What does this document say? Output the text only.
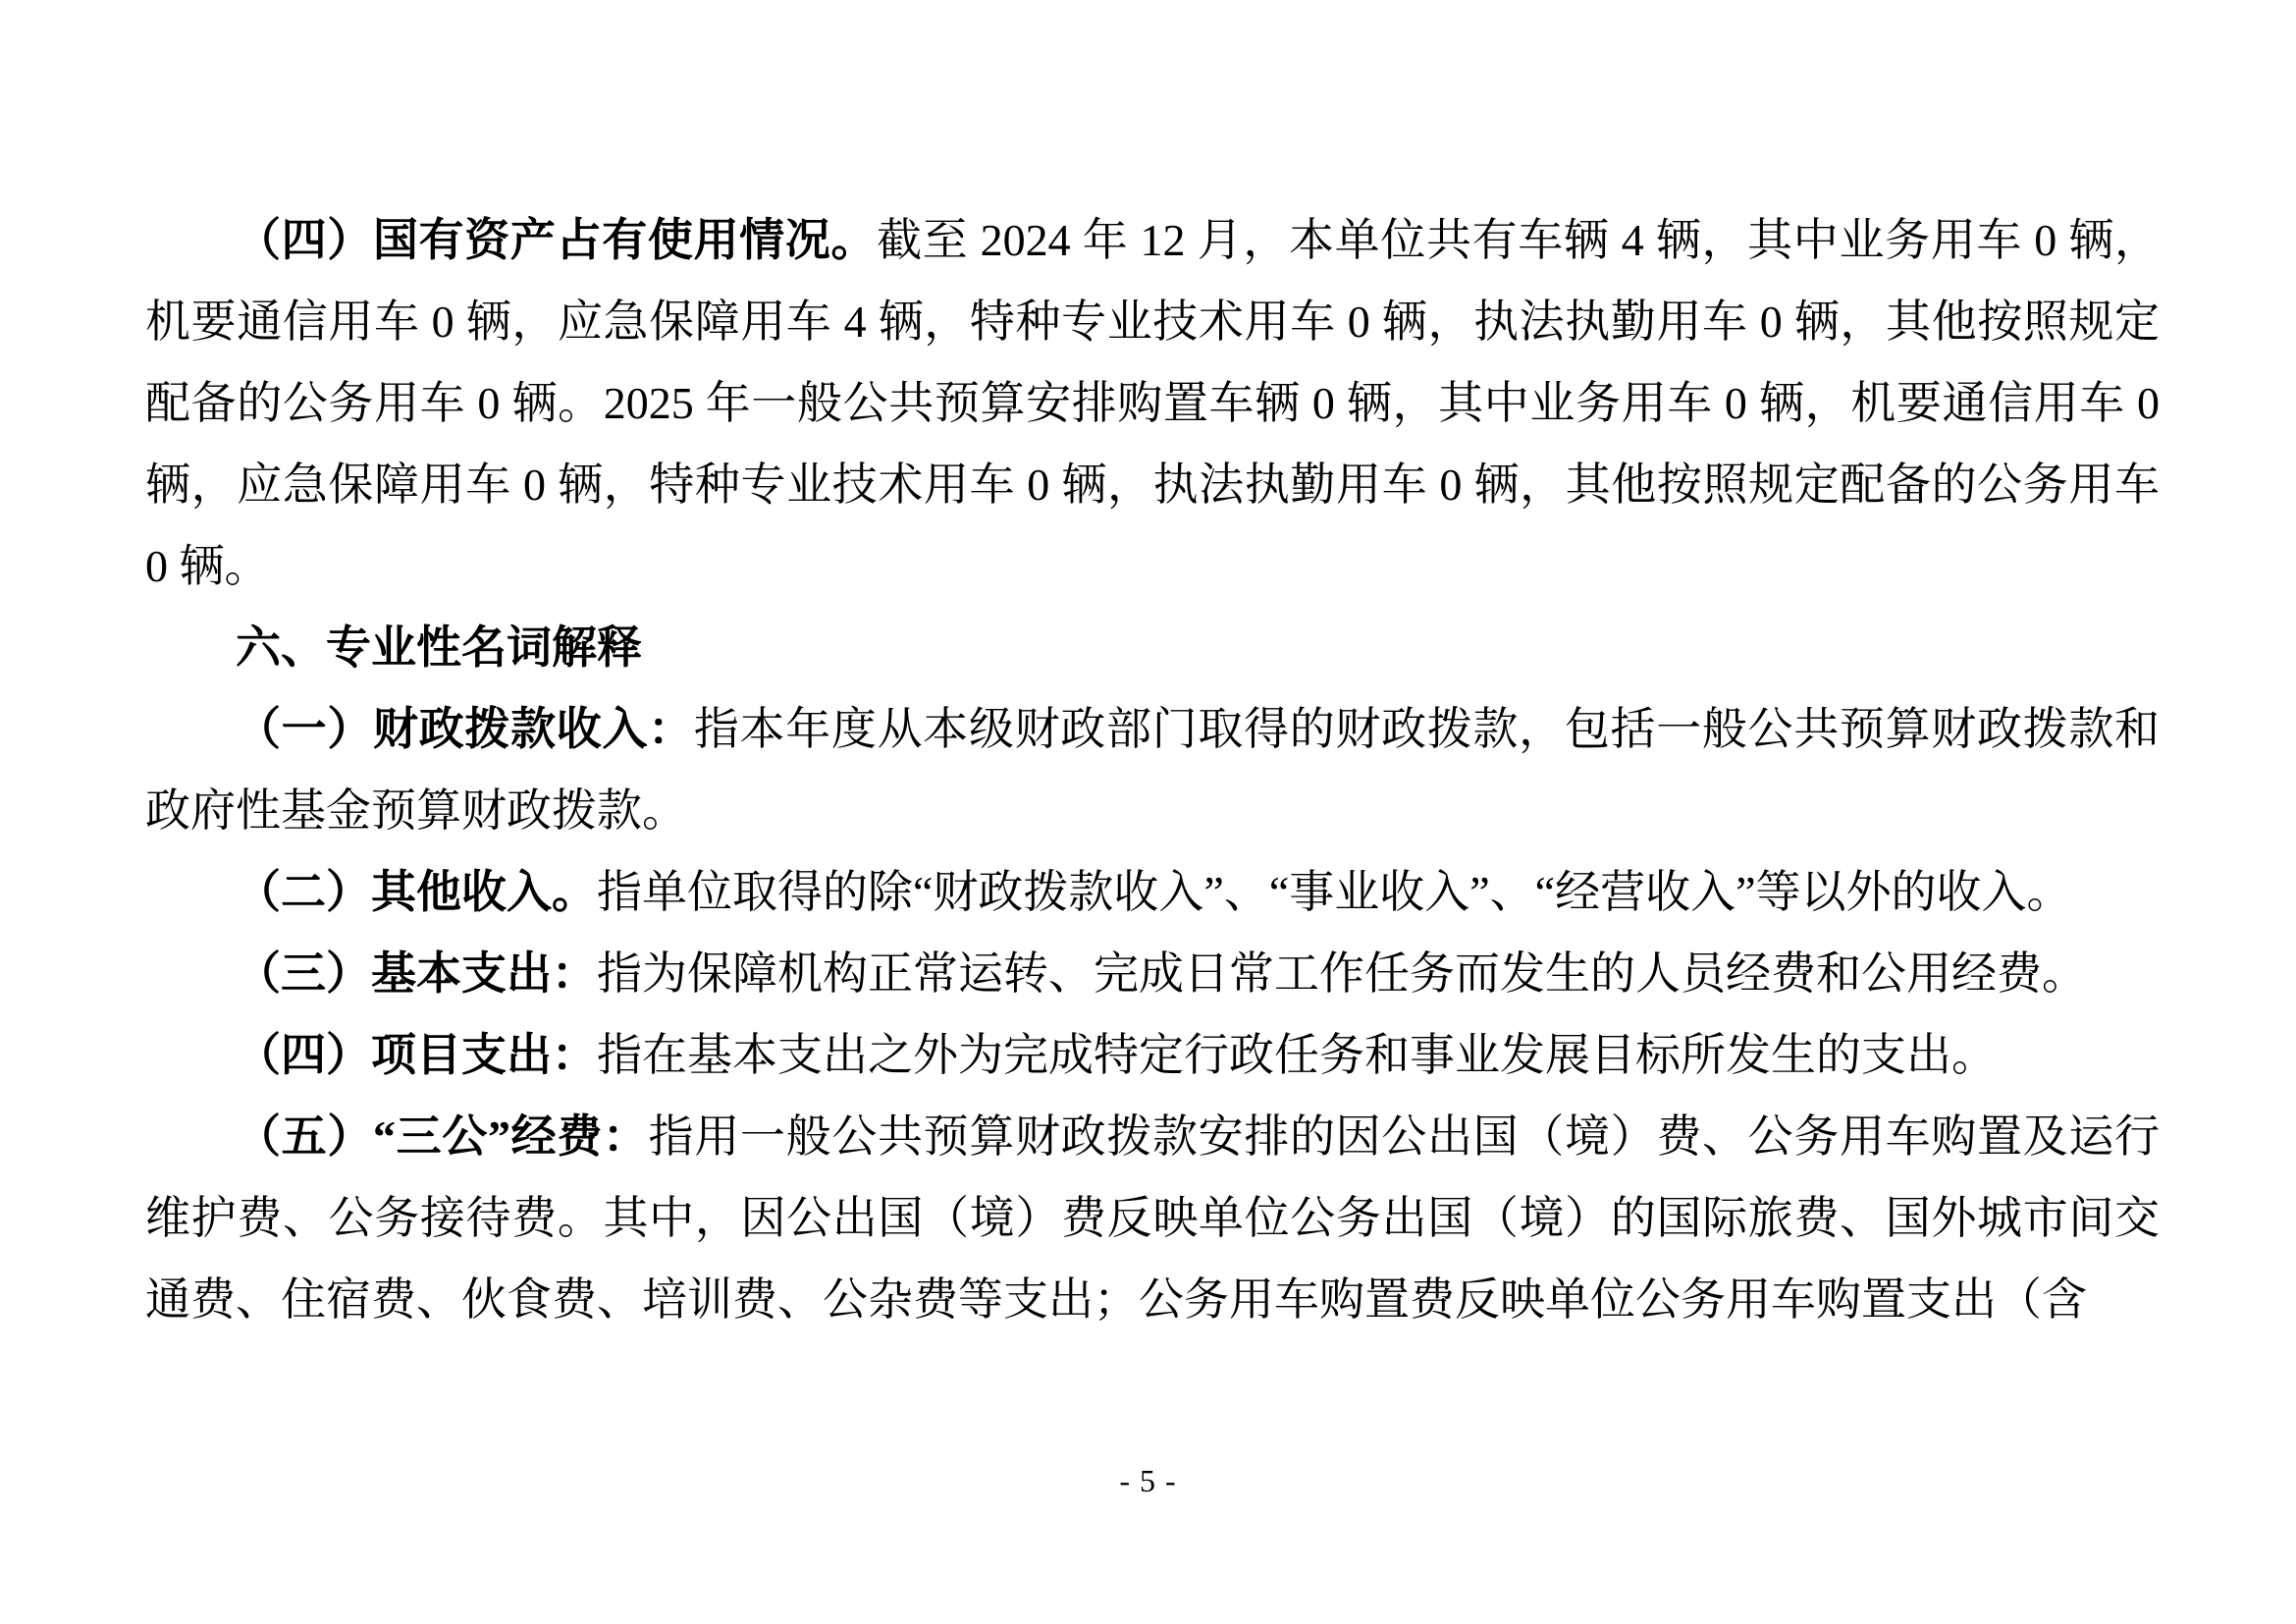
（四）国有资产占有使用情况。截至 2024 年 12 月，本单位共有车辆 4 辆，其中业务用车 0 辆，机要通信用车 0 辆，应急保障用车 4 辆，特种专业技术用车 0 辆，执法执勤用车 0 辆，其他按照规定配备的公务用车 0 辆。2025 年一般公共预算安排购置车辆 0 辆，其中业务用车 0 辆，机要通信用车 0 辆，应急保障用车 0 辆，特种专业技术用车 0 辆，执法执勤用车 0 辆，其他按照规定配备的公务用车 0 辆。

六、专业性名词解释

（一）财政拨款收入：指本年度从本级财政部门取得的财政拨款，包括一般公共预算财政拨款和政府性基金预算财政拨款。

（二）其他收入。指单位取得的除“财政拨款收入”、“事业收入”、“经营收入”等以外的收入。

（三）基本支出：指为保障机构正常运转、完成日常工作任务而发生的人员经费和公用经费。

（四）项目支出：指在基本支出之外为完成特定行政任务和事业发展目标所发生的支出。

（五）“三公”经费：指用一般公共预算财政拨款安排的因公出国（境）费、公务用车购置及运行维护费、公务接待费。其中，因公出国（境）费反映单位公务出国（境）的国际旅费、国外城市间交通费、住宿费、伙食费、培训费、公杂费等支出；公务用车购置费反映单位公务用车购置支出（含

- 5 -
